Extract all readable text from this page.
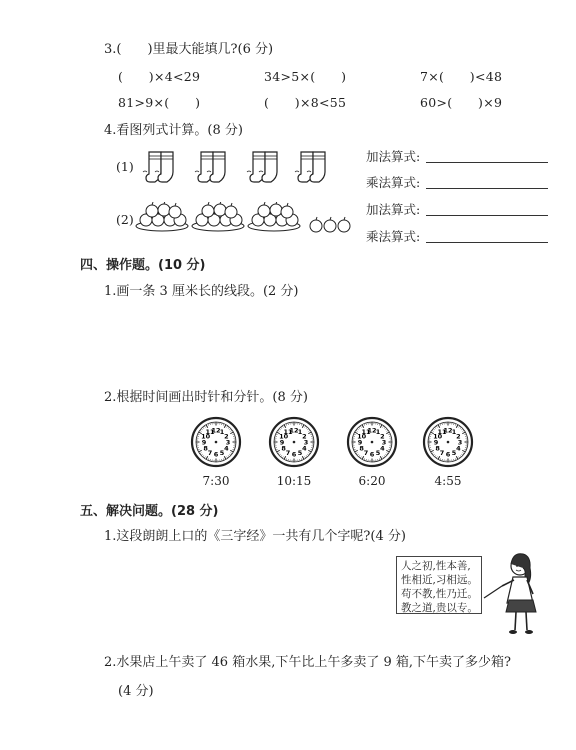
3.(　　)里最大能填几?(6 分)
(　　)×4<29	34>5×(　　)	7×(　　)<48
81>9×(　　)	(　　)×8<55	60>(　　)×9
4.看图列式计算。(8 分)
(1)
(2)
加法算式:
乘法算式:
加法算式:
乘法算式:
四、操作题。(10 分)
1.画一条 3 厘米长的线段。(2 分)
2.根据时间画出时针和分针。(8 分)
12 1
2
3
4
5
6
7
8
9
10
11
7:30
12 1
2
3
4
5
6
7
8
9
10
11
10:15
12 1
2
3
4
5
6
7
8
9
10
11
6:20
12 1
2
3
4
5
6
7
8
9
10
11
4:55
五、解决问题。(28 分)
1.这段朗朗上口的《三字经》一共有几个字呢?(4 分)
人之初,性本善,
性相近,习相远。
苟不教,性乃迁。
教之道,贵以专。
2.水果店上午卖了 46 箱水果,下午比上午多卖了 9 箱,下午卖了多少箱?
(4 分)
